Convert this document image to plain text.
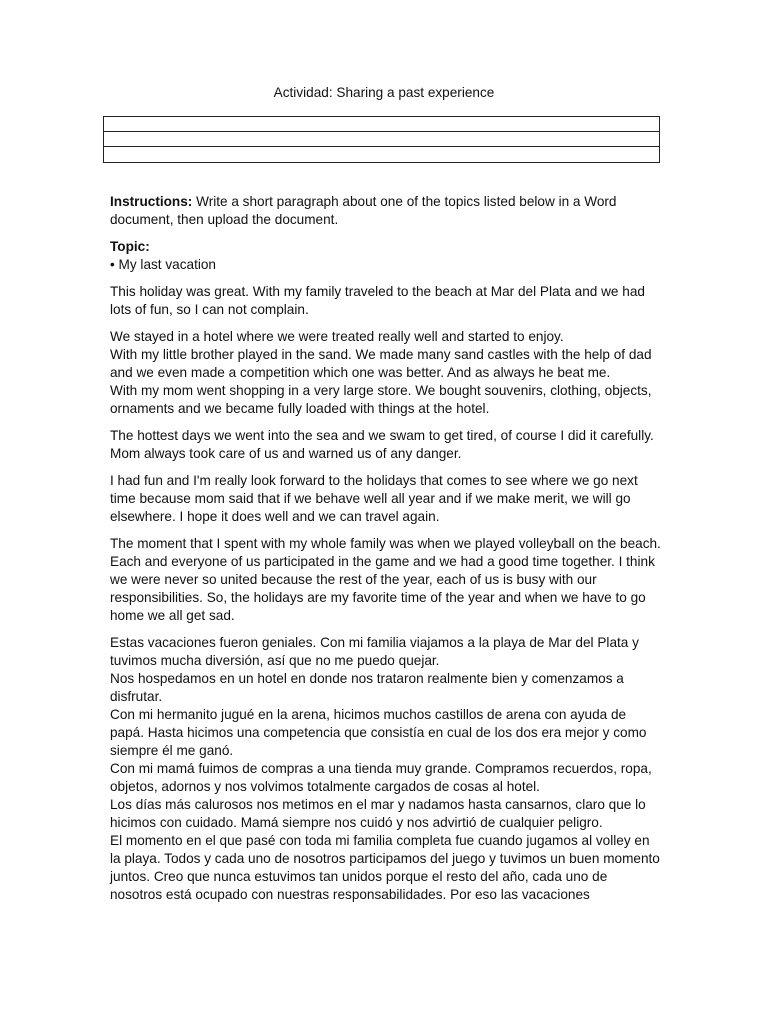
Actividad: Sharing a past experience

Instructions: Write a short paragraph about one of the topics listed below in a Word document, then upload the document.

Topic:

• My last vacation

This holiday was great. With my family traveled to the beach at Mar del Plata and we had lots of fun, so I can not complain.

We stayed in a hotel where we were treated really well and started to enjoy.

With my little brother played in the sand. We made many sand castles with the help of dad and we even made a competition which one was better. And as always he beat me.

With my mom went shopping in a very large store. We bought souvenirs, clothing, objects, ornaments and we became fully loaded with things at the hotel.

The hottest days we went into the sea and we swam to get tired, of course I did it carefully. Mom always took care of us and warned us of any danger.

I had fun and I'm really look forward to the holidays that comes to see where we go next time because mom said that if we behave well all year and if we make merit, we will go elsewhere. I hope it does well and we can travel again.

The moment that I spent with my whole family was when we played volleyball on the beach. Each and everyone of us participated in the game and we had a good time together. I think we were never so united because the rest of the year, each of us is busy with our responsibilities. So, the holidays are my favorite time of the year and when we have to go home we all get sad.

Estas vacaciones fueron geniales. Con mi familia viajamos a la playa de Mar del Plata y tuvimos mucha diversión, así que no me puedo quejar.

Nos hospedamos en un hotel en donde nos trataron realmente bien y comenzamos a disfrutar.

Con mi hermanito jugué en la arena, hicimos muchos castillos de arena con ayuda de papá. Hasta hicimos una competencia que consistía en cual de los dos era mejor y como siempre él me ganó.

Con mi mamá fuimos de compras a una tienda muy grande. Compramos recuerdos, ropa, objetos, adornos y nos volvimos totalmente cargados de cosas al hotel.

Los días más calurosos nos metimos en el mar y nadamos hasta cansarnos, claro que lo hicimos con cuidado. Mamá siempre nos cuidó y nos advirtió de cualquier peligro.

El momento en el que pasé con toda mi familia completa fue cuando jugamos al volley en la playa. Todos y cada uno de nosotros participamos del juego y tuvimos un buen momento juntos. Creo que nunca estuvimos tan unidos porque el resto del año, cada uno de nosotros está ocupado con nuestras responsabilidades. Por eso las vacaciones
